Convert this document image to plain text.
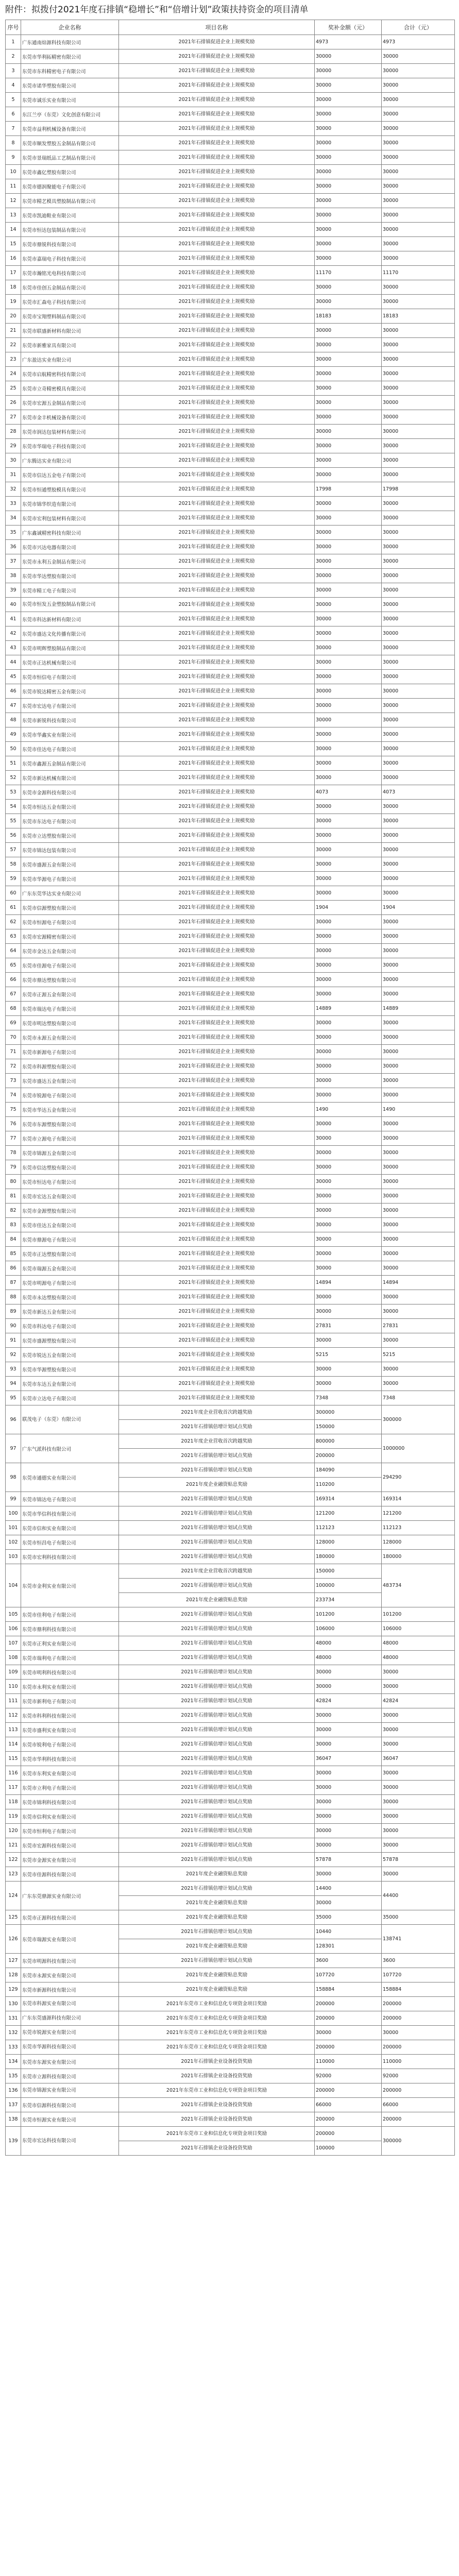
附件：拟拨付2021年度石排镇“稳增长”和“倍增计划”政策扶持资金的项目清单
序号	企业名称	项目名称	奖补金额（元）	合计（元）
1	广东通南焙源科技有限公司	2021年石排镇促进企业上规模奖励	4973	4973
2	东莞市华利拓精密有限公司	2021年石排镇促进企业上规模奖励	30000	30000
3	东莞市东科精密电子有限公司	2021年石排镇促进企业上规模奖励	30000	30000
4	东莞市诺华塑胶有限公司	2021年石排镇促进企业上规模奖励	30000	30000
5	东莞市诚乐实业有限公司	2021年石排镇促进企业上规模奖励	30000	30000
6	东江兰亭（东莞）文化创意有限公司	2021年石排镇促进企业上规模奖励	30000	30000
7	东莞市益利机械设备有限公司	2021年石排镇促进企业上规模奖励	30000	30000
8	东莞市顺发塑胶五金制品有限公司	2021年石排镇促进企业上规模奖励	30000	30000
9	东莞市景瑞纸品工艺制品有限公司	2021年石排镇促进企业上规模奖励	30000	30000
10	东莞市鑫亿塑胶有限公司	2021年石排镇促进企业上规模奖励	30000	30000
11	东莞市德润聚能电子有限公司	2021年石排镇促进企业上规模奖励	30000	30000
12	东莞市精艺模具塑胶制品有限公司	2021年石排镇促进企业上规模奖励	30000	30000
13	东莞市凯迪鞋业有限公司	2021年石排镇促进企业上规模奖励	30000	30000
14	东莞市恒达包装制品有限公司	2021年石排镇促进企业上规模奖励	30000	30000
15	东莞市鼎锐科技有限公司	2021年石排镇促进企业上规模奖励	30000	30000
16	东莞市嘉瑞电子科技有限公司	2021年石排镇促进企业上规模奖励	30000	30000
17	东莞市瀚铭光电科技有限公司	2021年石排镇促进企业上规模奖励	11170	11170
18	东莞市佳创五金制品有限公司	2021年石排镇促进企业上规模奖励	30000	30000
19	东莞市汇森电子科技有限公司	2021年石排镇促进企业上规模奖励	30000	30000
20	东莞市宝翔塑料制品有限公司	2021年石排镇促进企业上规模奖励	18183	18183
21	东莞市联盛新材料有限公司	2021年石排镇促进企业上规模奖励	30000	30000
22	东莞市新雅家具有限公司	2021年石排镇促进企业上规模奖励	30000	30000
23	广东盈达实业有限公司	2021年石排镇促进企业上规模奖励	30000	30000
24	东莞市启航精密科技有限公司	2021年石排镇促进企业上规模奖励	30000	30000
25	东莞市立奇精密模具有限公司	2021年石排镇促进企业上规模奖励	30000	30000
26	东莞市宏源五金制品有限公司	2021年石排镇促进企业上规模奖励	30000	30000
27	东莞市金丰机械设备有限公司	2021年石排镇促进企业上规模奖励	30000	30000
28	东莞市润达包装材料有限公司	2021年石排镇促进企业上规模奖励	30000	30000
29	东莞市华瑞电子科技有限公司	2021年石排镇促进企业上规模奖励	30000	30000
30	广东腾达实业有限公司	2021年石排镇促进企业上规模奖励	30000	30000
31	东莞市信达五金电子有限公司	2021年石排镇促进企业上规模奖励	30000	30000
32	东莞市恒通塑胶模具有限公司	2021年石排镇促进企业上规模奖励	17998	17998
33	东莞市锦华织造有限公司	2021年石排镇促进企业上规模奖励	30000	30000
34	东莞市宏利包装材料有限公司	2021年石排镇促进企业上规模奖励	30000	30000
35	广东鑫诚精密科技有限公司	2021年石排镇促进企业上规模奖励	30000	30000
36	东莞市兴达电器有限公司	2021年石排镇促进企业上规模奖励	30000	30000
37	东莞市永利五金制品有限公司	2021年石排镇促进企业上规模奖励	30000	30000
38	东莞市华达塑胶有限公司	2021年石排镇促进企业上规模奖励	30000	30000
39	东莞市精工电子有限公司	2021年石排镇促进企业上规模奖励	30000	30000
40	东莞市恒发五金塑胶制品有限公司	2021年石排镇促进企业上规模奖励	30000	30000
41	东莞市科达新材料有限公司	2021年石排镇促进企业上规模奖励	30000	30000
42	东莞市盛达文化传播有限公司	2021年石排镇促进企业上规模奖励	30000	30000
43	东莞市明辉塑胶制品有限公司	2021年石排镇促进企业上规模奖励	30000	30000
44	东莞市正达机械有限公司	2021年石排镇促进企业上规模奖励	30000	30000
45	东莞市恒信电子有限公司	2021年石排镇促进企业上规模奖励	30000	30000
46	东莞市锐达精密五金有限公司	2021年石排镇促进企业上规模奖励	30000	30000
47	东莞市宏达电子有限公司	2021年石排镇促进企业上规模奖励	30000	30000
48	东莞市新锐科技有限公司	2021年石排镇促进企业上规模奖励	30000	30000
49	东莞市华鑫实业有限公司	2021年石排镇促进企业上规模奖励	30000	30000
50	东莞市佳达电子有限公司	2021年石排镇促进企业上规模奖励	30000	30000
51	东莞市鑫源五金制品有限公司	2021年石排镇促进企业上规模奖励	30000	30000
52	东莞市新达机械有限公司	2021年石排镇促进企业上规模奖励	30000	30000
53	东莞市金源科技有限公司	2021年石排镇促进企业上规模奖励	4073	4073
54	东莞市恒达五金有限公司	2021年石排镇促进企业上规模奖励	30000	30000
55	东莞市东达电子有限公司	2021年石排镇促进企业上规模奖励	30000	30000
56	东莞市立达塑胶有限公司	2021年石排镇促进企业上规模奖励	30000	30000
57	东莞市锦达包装有限公司	2021年石排镇促进企业上规模奖励	30000	30000
58	东莞市盛源五金有限公司	2021年石排镇促进企业上规模奖励	30000	30000
59	东莞市华源电子有限公司	2021年石排镇促进企业上规模奖励	30000	30000
60	广东东莞华达实业有限公司	2021年石排镇促进企业上规模奖励	30000	30000
61	东莞市信源塑胶有限公司	2021年石排镇促进企业上规模奖励	1904	1904
62	东莞市恒源电子有限公司	2021年石排镇促进企业上规模奖励	30000	30000
63	东莞市宏源精密有限公司	2021年石排镇促进企业上规模奖励	30000	30000
64	东莞市金达五金有限公司	2021年石排镇促进企业上规模奖励	30000	30000
65	东莞市佳源电子有限公司	2021年石排镇促进企业上规模奖励	30000	30000
66	东莞市鼎达塑胶有限公司	2021年石排镇促进企业上规模奖励	30000	30000
67	东莞市正源五金有限公司	2021年石排镇促进企业上规模奖励	30000	30000
68	东莞市瑞达电子有限公司	2021年石排镇促进企业上规模奖励	14889	14889
69	东莞市明达塑胶有限公司	2021年石排镇促进企业上规模奖励	30000	30000
70	东莞市永源五金有限公司	2021年石排镇促进企业上规模奖励	30000	30000
71	东莞市新源电子有限公司	2021年石排镇促进企业上规模奖励	30000	30000
72	东莞市科源塑胶有限公司	2021年石排镇促进企业上规模奖励	30000	30000
73	东莞市盛达五金有限公司	2021年石排镇促进企业上规模奖励	30000	30000
74	东莞市锐源电子有限公司	2021年石排镇促进企业上规模奖励	30000	30000
75	东莞市华达五金有限公司	2021年石排镇促进企业上规模奖励	1490	1490
76	东莞市东源塑胶有限公司	2021年石排镇促进企业上规模奖励	30000	30000
77	东莞市立源电子有限公司	2021年石排镇促进企业上规模奖励	30000	30000
78	东莞市锦源五金有限公司	2021年石排镇促进企业上规模奖励	30000	30000
79	东莞市信达塑胶有限公司	2021年石排镇促进企业上规模奖励	30000	30000
80	东莞市恒达电子有限公司	2021年石排镇促进企业上规模奖励	30000	30000
81	东莞市宏达五金有限公司	2021年石排镇促进企业上规模奖励	30000	30000
82	东莞市金源塑胶有限公司	2021年石排镇促进企业上规模奖励	30000	30000
83	东莞市佳达五金有限公司	2021年石排镇促进企业上规模奖励	30000	30000
84	东莞市鼎源电子有限公司	2021年石排镇促进企业上规模奖励	30000	30000
85	东莞市正达塑胶有限公司	2021年石排镇促进企业上规模奖励	30000	30000
86	东莞市瑞源五金有限公司	2021年石排镇促进企业上规模奖励	30000	30000
87	东莞市明源电子有限公司	2021年石排镇促进企业上规模奖励	14894	14894
88	东莞市永达塑胶有限公司	2021年石排镇促进企业上规模奖励	30000	30000
89	东莞市新达五金有限公司	2021年石排镇促进企业上规模奖励	30000	30000
90	东莞市科达电子有限公司	2021年石排镇促进企业上规模奖励	27831	27831
91	东莞市盛源塑胶有限公司	2021年石排镇促进企业上规模奖励	30000	30000
92	东莞市锐达五金有限公司	2021年石排镇促进企业上规模奖励	5215	5215
93	东莞市华源塑胶有限公司	2021年石排镇促进企业上规模奖励	30000	30000
94	东莞市东达五金有限公司	2021年石排镇促进企业上规模奖励	30000	30000
95	东莞市立达电子有限公司	2021年石排镇促进企业上规模奖励	7348	7348
96	联茂电子（东莞）有限公司	2021年度企业营收首次跨越奖励	300000	300000
		2021年石排镇倍增计划试点奖励	150000	
97	广东气派科技有限公司	2021年度企业营收首次跨越奖励	800000	1000000
		2021年石排镇倍增计划试点奖励	200000	
98	东莞市通德实业有限公司	2021年石排镇倍增计划试点奖励	184090	294290
		2021年度企业融资贴息奖励	110200	
99	东莞市锦达电子有限公司	2021年石排镇倍增计划试点奖励	169314	169314
100	东莞市华信科技有限公司	2021年石排镇倍增计划试点奖励	121200	121200
101	东莞市信和实业有限公司	2021年石排镇倍增计划试点奖励	112123	112123
102	东莞市恒昌电子有限公司	2021年石排镇倍增计划试点奖励	128000	128000
103	东莞市宏利科技有限公司	2021年石排镇倍增计划试点奖励	180000	180000
104	东莞市金利实业有限公司	2021年度企业营收首次跨越奖励	150000	483734
		2021年石排镇倍增计划试点奖励	100000	
		2021年度企业融资贴息奖励	233734	
105	东莞市佳利电子有限公司	2021年石排镇倍增计划试点奖励	101200	101200
106	东莞市鼎利科技有限公司	2021年石排镇倍增计划试点奖励	106000	106000
107	东莞市正利实业有限公司	2021年石排镇倍增计划试点奖励	48000	48000
108	东莞市瑞利电子有限公司	2021年石排镇倍增计划试点奖励	48000	48000
109	东莞市明利科技有限公司	2021年石排镇倍增计划试点奖励	30000	30000
110	东莞市永利实业有限公司	2021年石排镇倍增计划试点奖励	30000	30000
111	东莞市新利电子有限公司	2021年石排镇倍增计划试点奖励	42824	42824
112	东莞市科利科技有限公司	2021年石排镇倍增计划试点奖励	30000	30000
113	东莞市盛利实业有限公司	2021年石排镇倍增计划试点奖励	30000	30000
114	东莞市锐利电子有限公司	2021年石排镇倍增计划试点奖励	30000	30000
115	东莞市华利科技有限公司	2021年石排镇倍增计划试点奖励	36047	36047
116	东莞市东利实业有限公司	2021年石排镇倍增计划试点奖励	30000	30000
117	东莞市立利电子有限公司	2021年石排镇倍增计划试点奖励	30000	30000
118	东莞市锦利科技有限公司	2021年石排镇倍增计划试点奖励	30000	30000
119	东莞市信利实业有限公司	2021年石排镇倍增计划试点奖励	30000	30000
120	东莞市恒利电子有限公司	2021年石排镇倍增计划试点奖励	30000	30000
121	东莞市宏源科技有限公司	2021年石排镇倍增计划试点奖励	30000	30000
122	东莞市金源实业有限公司	2021年石排镇倍增计划试点奖励	57878	57878
123	东莞市佳源科技有限公司	2021年度企业融资贴息奖励	30000	30000
124	广东东莞鼎源实业有限公司	2021年石排镇倍增计划试点奖励	14400	44400
		2021年度企业融资贴息奖励	30000	
125	东莞市正源科技有限公司	2021年度企业融资贴息奖励	35000	35000
126	东莞市瑞源实业有限公司	2021年石排镇倍增计划试点奖励	10440	138741
		2021年度企业融资贴息奖励	128301	
127	东莞市明源科技有限公司	2021年石排镇倍增计划试点奖励	3600	3600
128	东莞市永源实业有限公司	2021年度企业融资贴息奖励	107720	107720
129	东莞市新源科技有限公司	2021年度企业融资贴息奖励	158884	158884
130	东莞市科源实业有限公司	2021年东莞市工业和信息化专项资金项目奖励	200000	200000
131	广东东莞盛源科技有限公司	2021年东莞市工业和信息化专项资金项目奖励	200000	200000
132	东莞市锐源实业有限公司	2021年东莞市工业和信息化专项资金项目奖励	30000	30000
133	东莞市华源科技有限公司	2021年东莞市工业和信息化专项资金项目奖励	200000	200000
134	东莞市东源实业有限公司	2021年石排镇企业设备投资奖励	110000	110000
135	东莞市立源科技有限公司	2021年石排镇企业设备投资奖励	92000	92000
136	东莞市锦源实业有限公司	2021年东莞市工业和信息化专项资金项目奖励	200000	200000
137	东莞市信源科技有限公司	2021年石排镇企业设备投资奖励	66000	66000
138	东莞市恒源实业有限公司	2021年石排镇企业设备投资奖励	200000	200000
139	东莞市宏达科技有限公司	2021年东莞市工业和信息化专项资金项目奖励	200000	300000
		2021年石排镇企业设备投资奖励	100000	
